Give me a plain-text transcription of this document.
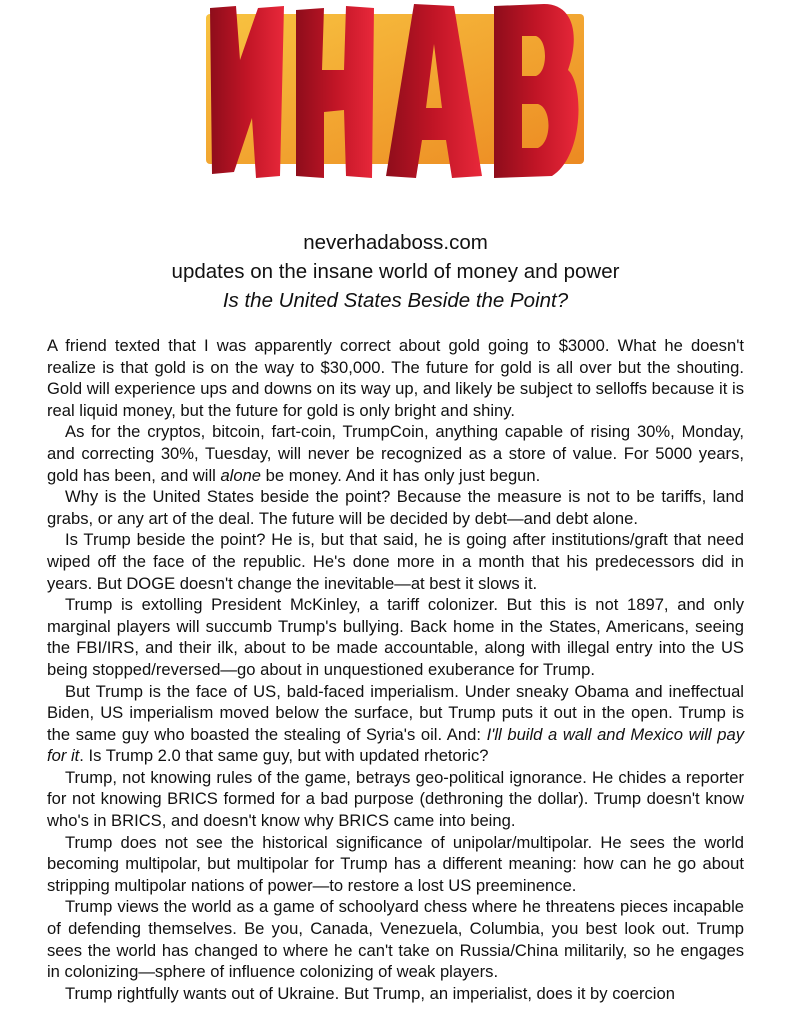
neverhadaboss.com
updates on the insane world of money and power
Is the United States Beside the Point?

A friend texted that I was apparently correct about gold going to $3000. What he doesn't realize is that gold is on the way to $30,000. The future for gold is all over but the shouting. Gold will experience ups and downs on its way up, and likely be subject to selloffs because it is real liquid money, but the future for gold is only bright and shiny.

As for the cryptos, bitcoin, fart-coin, TrumpCoin, anything capable of rising 30%, Monday, and correcting 30%, Tuesday, will never be recognized as a store of value. For 5000 years, gold has been, and will alone be money. And it has only just begun.

Why is the United States beside the point? Because the measure is not to be tariffs, land grabs, or any art of the deal. The future will be decided by debt—and debt alone.

Is Trump beside the point? He is, but that said, he is going after institutions/graft that need wiped off the face of the republic. He's done more in a month that his predecessors did in years. But DOGE doesn't change the inevitable—at best it slows it.

Trump is extolling President McKinley, a tariff colonizer. But this is not 1897, and only marginal players will succumb Trump's bullying. Back home in the States, Americans, seeing the FBI/IRS, and their ilk, about to be made accountable, along with illegal entry into the US being stopped/reversed—go about in unquestioned exuberance for Trump.

But Trump is the face of US, bald-faced imperialism. Under sneaky Obama and ineffectual Biden, US imperialism moved below the surface, but Trump puts it out in the open. Trump is the same guy who boasted the stealing of Syria's oil. And: I'll build a wall and Mexico will pay for it. Is Trump 2.0 that same guy, but with updated rhetoric?

Trump, not knowing rules of the game, betrays geo-political ignorance. He chides a reporter for not knowing BRICS formed for a bad purpose (dethroning the dollar). Trump doesn't know who's in BRICS, and doesn't know why BRICS came into being.

Trump does not see the historical significance of unipolar/multipolar. He sees the world becoming multipolar, but multipolar for Trump has a different meaning: how can he go about stripping multipolar nations of power—to restore a lost US preeminence.

Trump views the world as a game of schoolyard chess where he threatens pieces incapable of defending themselves. Be you, Canada, Venezuela, Columbia, you best look out. Trump sees the world has changed to where he can't take on Russia/China militarily, so he engages in colonizing—sphere of influence colonizing of weak players.

Trump rightfully wants out of Ukraine. But Trump, an imperialist, does it by coercion
